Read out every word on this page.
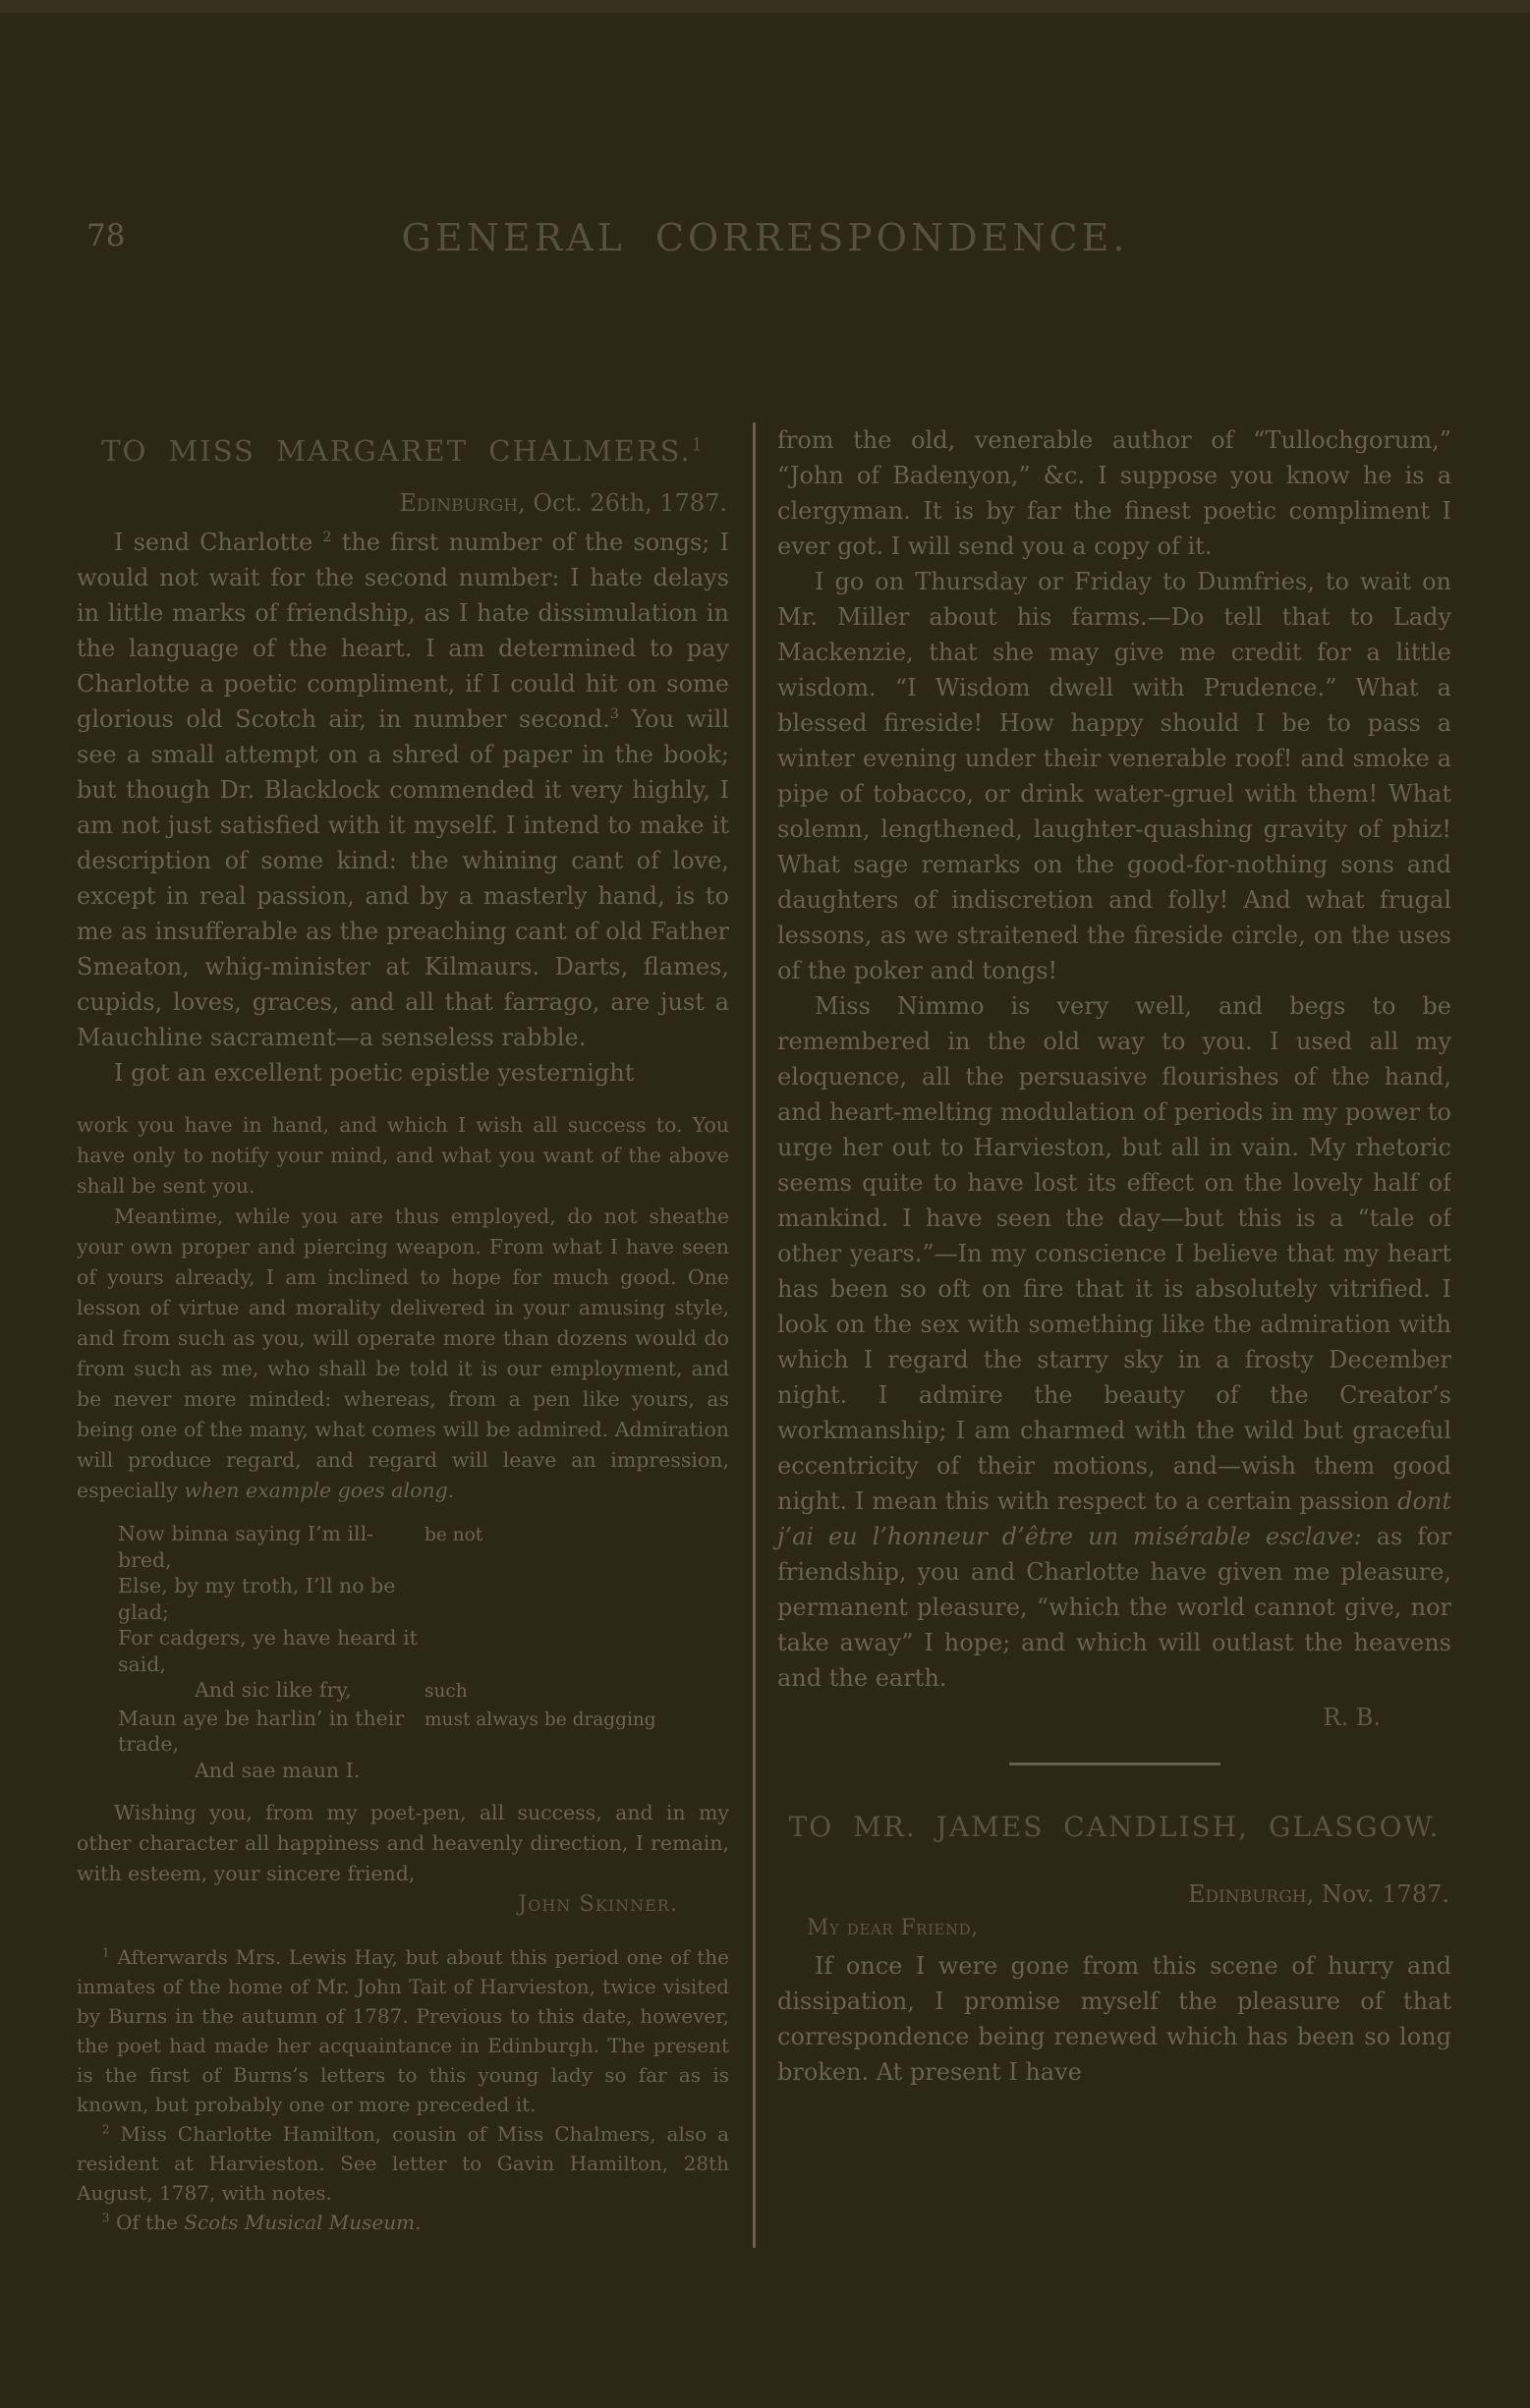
78	GENERAL CORRESPONDENCE.
TO MISS MARGARET CHALMERS.$^1$
Edinburgh, Oct. 26th, 1787.

I send Charlotte $^2$ the first number of the songs; I would not wait for the second number: I hate delays in little marks of friendship, as I hate dissimulation in the language of the heart. I am determined to pay Charlotte a poetic compliment, if I could hit on some glorious old Scotch air, in number second.$^3$ You will see a small attempt on a shred of paper in the book; but though Dr. Blacklock commended it very highly, I am not just satisfied with it myself. I intend to make it description of some kind: the whining cant of love, except in real passion, and by a masterly hand, is to me as insufferable as the preaching cant of old Father Smeaton, whig-minister at Kilmaurs. Darts, flames, cupids, loves, graces, and all that farrago, are just a Mauchline sacrament—a senseless rabble.

I got an excellent poetic epistle yesternight

work you have in hand, and which I wish all success to. You have only to notify your mind, and what you want of the above shall be sent you.

Meantime, while you are thus employed, do not sheathe your own proper and piercing weapon. From what I have seen of yours already, I am inclined to hope for much good. One lesson of virtue and morality delivered in your amusing style, and from such as you, will operate more than dozens would do from such as me, who shall be told it is our employment, and be never more minded: whereas, from a pen like yours, as being one of the many, what comes will be admired. Admiration will produce regard, and regard will leave an impression, especially when example goes along.

Now binna saying I’m ill-bred,
be not
Else, by my troth, I’ll no be glad;
For cadgers, ye have heard it said,
And sic like fry,	such
Maun aye be harlin’ in their trade,
must always be dragging
And sae maun I.

Wishing you, from my poet-pen, all success, and in my other character all happiness and heavenly direction, I remain, with esteem, your sincere friend,

John Skinner.

$^1$ Afterwards Mrs. Lewis Hay, but about this period one of the inmates of the home of Mr. John Tait of Harvieston, twice visited by Burns in the autumn of 1787. Previous to this date, however, the poet had made her acquaintance in Edinburgh. The present is the first of Burns’s letters to this young lady so far as is known, but probably one or more preceded it.

$^2$ Miss Charlotte Hamilton, cousin of Miss Chalmers, also a resident at Harvieston. See letter to Gavin Hamilton, 28th August, 1787, with notes.

$^3$ Of the Scots Musical Museum.

from the old, venerable author of “Tullochgorum,” “John of Badenyon,” &c. I suppose you know he is a clergyman. It is by far the finest poetic compliment I ever got. I will send you a copy of it.

I go on Thursday or Friday to Dumfries, to wait on Mr. Miller about his farms.—Do tell that to Lady Mackenzie, that she may give me credit for a little wisdom. “I Wisdom dwell with Prudence.” What a blessed fireside! How happy should I be to pass a winter evening under their venerable roof! and smoke a pipe of tobacco, or drink water-gruel with them! What solemn, lengthened, laughter-quashing gravity of phiz! What sage remarks on the good-for-nothing sons and daughters of indiscretion and folly! And what frugal lessons, as we straitened the fireside circle, on the uses of the poker and tongs!

Miss Nimmo is very well, and begs to be remembered in the old way to you. I used all my eloquence, all the persuasive flourishes of the hand, and heart-melting modulation of periods in my power to urge her out to Harvieston, but all in vain. My rhetoric seems quite to have lost its effect on the lovely half of mankind. I have seen the day—but this is a “tale of other years.”—In my conscience I believe that my heart has been so oft on fire that it is absolutely vitrified. I look on the sex with something like the admiration with which I regard the starry sky in a frosty December night. I admire the beauty of the Creator’s workmanship; I am charmed with the wild but graceful eccentricity of their motions, and—wish them good night. I mean this with respect to a certain passion dont j’ai eu l’honneur d’être un misérable esclave: as for friendship, you and Charlotte have given me pleasure, permanent pleasure, “which the world cannot give, nor take away” I hope; and which will outlast the heavens and the earth.

R. B.
TO MR. JAMES CANDLISH, GLASGOW.
Edinburgh, Nov. 1787.
My dear Friend,

If once I were gone from this scene of hurry and dissipation, I promise myself the pleasure of that correspondence being renewed which has been so long broken. At present I have
